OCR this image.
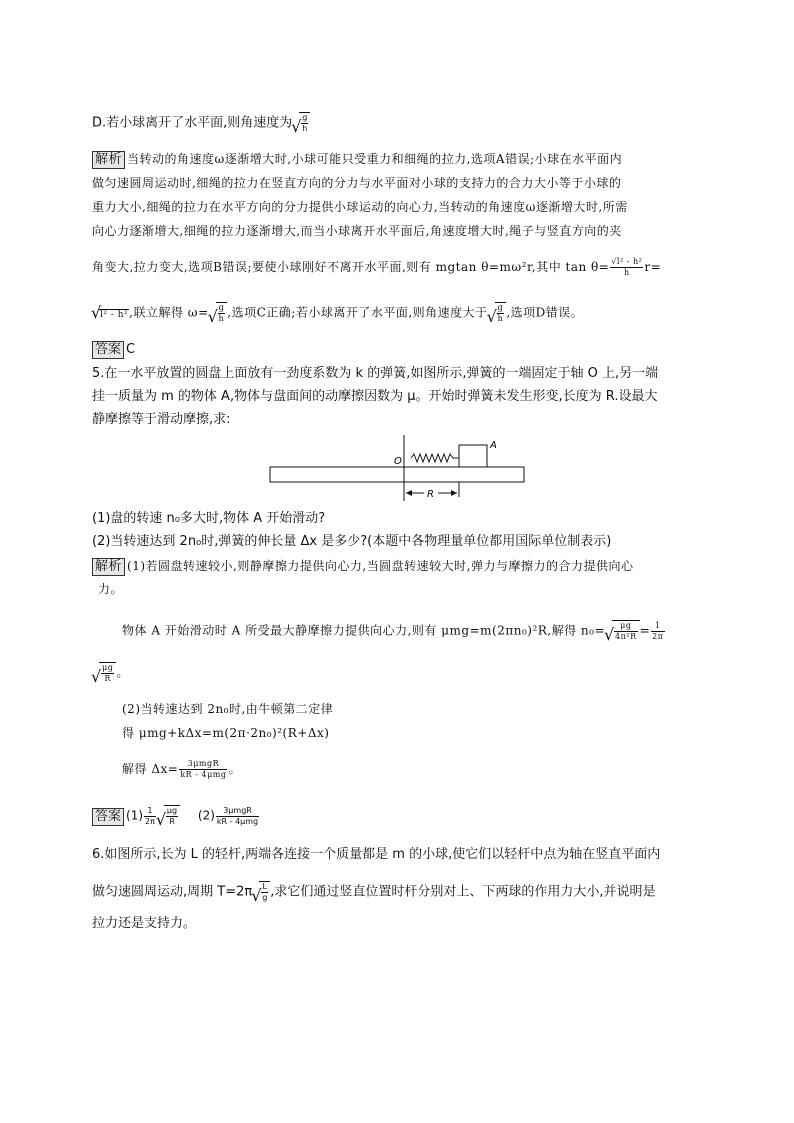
D.若小球离开了水平面,则角速度为 √ $\frac{g}{h}$
解析 当转动的角速度ω逐渐增大时,小球可能只受重力和细绳的拉力,选项A错误;小球在水平面内
做匀速圆周运动时,细绳的拉力在竖直方向的分力与水平面对小球的支持力的合力大小等于小球的
重力大小,细绳的拉力在水平方向的分力提供小球运动的向心力,当转动的角速度ω逐渐增大时,所需
向心力逐渐增大,细绳的拉力逐渐增大,而当小球离开水平面后,角速度增大时,绳子与竖直方向的夹
角变大,拉力变大,选项B错误;要使小球刚好不离开水平面,则有 mgtan θ=mω²r,其中 $\tan \theta= \frac{\text{√l² - h²}}{h} r=$
√ l² - h²,联立解得 ω= √ $\frac{g}{h}$ ,选项C正确;若小球离开了水平面,则角速度大于 √ $\frac{g}{h}$ ,选项D错误。
答案 C
5.在一水平放置的圆盘上面放有一劲度系数为 k 的弹簧,如图所示,弹簧的一端固定于轴 O 上,另一端
挂一质量为 m 的物体 A,物体与盘面间的动摩擦因数为 μ。开始时弹簧未发生形变,长度为 R.设最大
静摩擦等于滑动摩擦,求:
O
A
R
(1)盘的转速 n₀多大时,物体 A 开始滑动?
(2)当转速达到 2n₀时,弹簧的伸长量 Δx 是多少?(本题中各物理量单位都用国际单位制表示)
解析 (1)若圆盘转速较小,则静摩擦力提供向心力,当圆盘转速较大时,弹力与摩擦力的合力提供向心
力。
物体 A 开始滑动时 A 所受最大静摩擦力提供向心力,则有 μmg=m(2πn₀)²R,解得 n₀= √ $\frac{\mu g}{\text{4π²R}} = \frac{1}{2\pi}$
√ $\frac{\mu g}{R}$ 。
(2)当转速达到 2n₀时,由牛顿第二定律
得 μmg+kΔx=m(2π·2n₀)²(R+Δx)
解得 $\Delta x= \frac{\text{3μmgR}}{\text{kR - 4μmg}}$ 。
答案 $(1) \frac{1}{2\pi}$ √ $\frac{\mu g}{R} (2) \frac{\text{3μmgR}}{\text{kR - 4μmg}}$
6.如图所示,长为 L 的轻杆,两端各连接一个质量都是 m 的小球,使它们以轻杆中点为轴在竖直平面内
做匀速圆周运动,周期 T=2π √ $\frac{L}{g}$ ,求它们通过竖直位置时杆分别对上、下两球的作用力大小,并说明是
拉力还是支持力。
